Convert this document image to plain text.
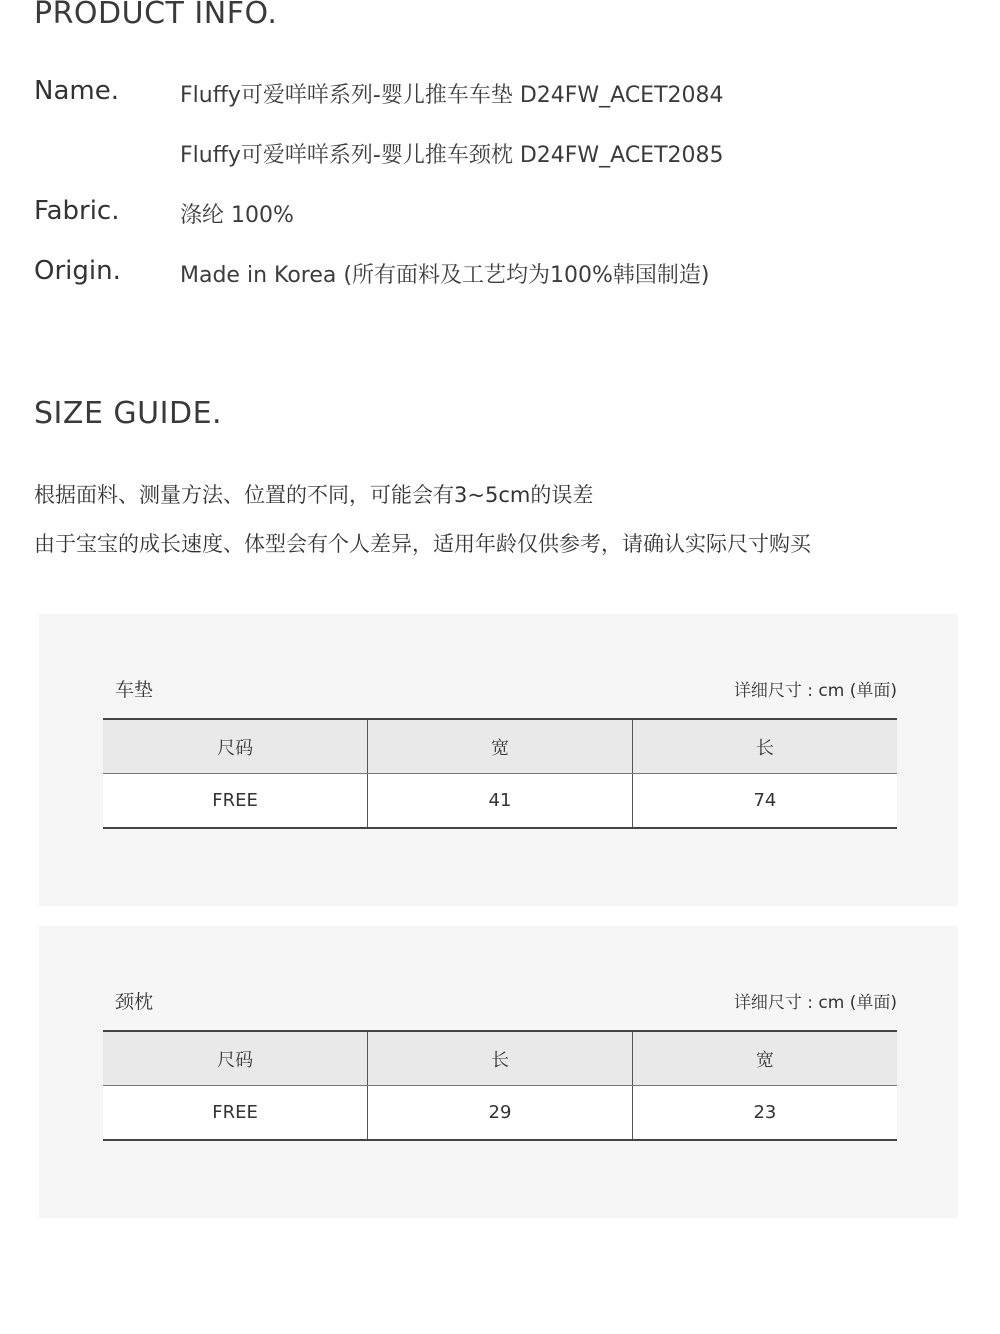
PRODUCT INFO.
Name.	Fluffy可爱咩咩系列-婴儿推车车垫 D24FW_ACET2084
Fluffy可爱咩咩系列-婴儿推车颈枕 D24FW_ACET2085
Fabric.	涤纶 100%
Origin.	Made in Korea (所有面料及工艺均为100%韩国制造)
SIZE GUIDE.
根据面料、测量方法、位置的不同，可能会有3~5cm的误差
由于宝宝的成长速度、体型会有个人差异，适用年龄仅供参考，请确认实际尺寸购买
车垫	详细尺寸 : cm (单面)
尺码	宽	长
FREE	41	74
颈枕	详细尺寸 : cm (单面)
尺码	长	宽
FREE	29	23
